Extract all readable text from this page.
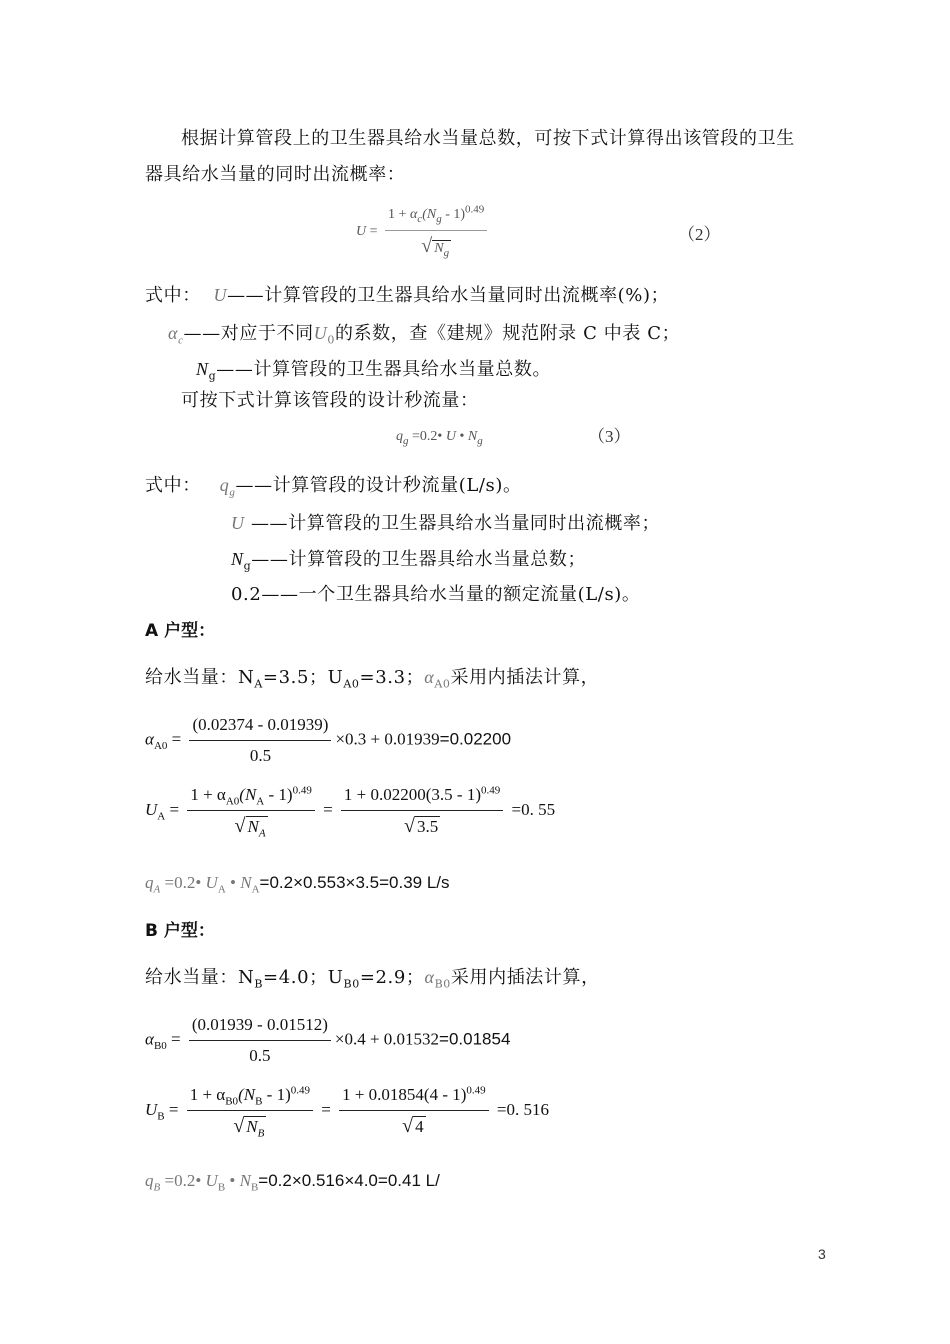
根据计算管段上的卫生器具给水当量总数，可按下式计算得出该管段的卫生
器具给水当量的同时出流概率：
$U = \frac{1 + \alpha_c(N_g - 1)^{0.49}}{√ N_g}$	（2）
式中： U——计算管段的卫生器具给水当量同时出流概率(%)；
$\alpha_c——$对应于不同$U_0$的系数，查《建规》规范附录 C 中表 C；
$N_g——$计算管段的卫生器具给水当量总数。
可按下式计算该管段的设计秒流量：
$q_g$ =0.2• U • $N_g$	（3）
式中： $q_g——$计算管段的设计秒流量(L/s)。
U ——计算管段的卫生器具给水当量同时出流概率；
$N_g——$计算管段的卫生器具给水当量总数；
0.2——一个卫生器具给水当量的额定流量(L/s)。
A 户型：
给水当量：$N_A=3.5$；$U_{A0}=3.3$；$\alpha_{A0}$采用内插法计算，
$\alpha_{A0} = \frac{(0.02374 - 0.01939)}{0.5} \times 0.3 + 0.01939=0.02200$
$U_A = \frac{1 + \alpha_{A0}(N_A - 1)^{0.49}}{√ N_A} = \frac{1 + 0.02200(3.5 - 1)^{0.49}}{√ 3.5} =0$. 55
$q_A$ =0.2• $U_A$ • $N_A=0.2\times 0.553\times 3.5=0.39$ L/s
B 户型：
给水当量：$N_B=4.0$；$U_{B0}=2.9$；$\alpha_{B0}$采用内插法计算，
$\alpha_{B0} = \frac{(0.01939 - 0.01512)}{0.5} \times 0.4 + 0.01532=0.01854$
$U_B = \frac{1 + \alpha_{B0}(N_B - 1)^{0.49}}{√ N_B} = \frac{1 + 0.01854(4 - 1)^{0.49}}{√ 4} =0$. 516
$q_B$ =0.2• $U_B$ • $N_B=0.2\times 0.516\times 4.0=0.41$ L/
3
